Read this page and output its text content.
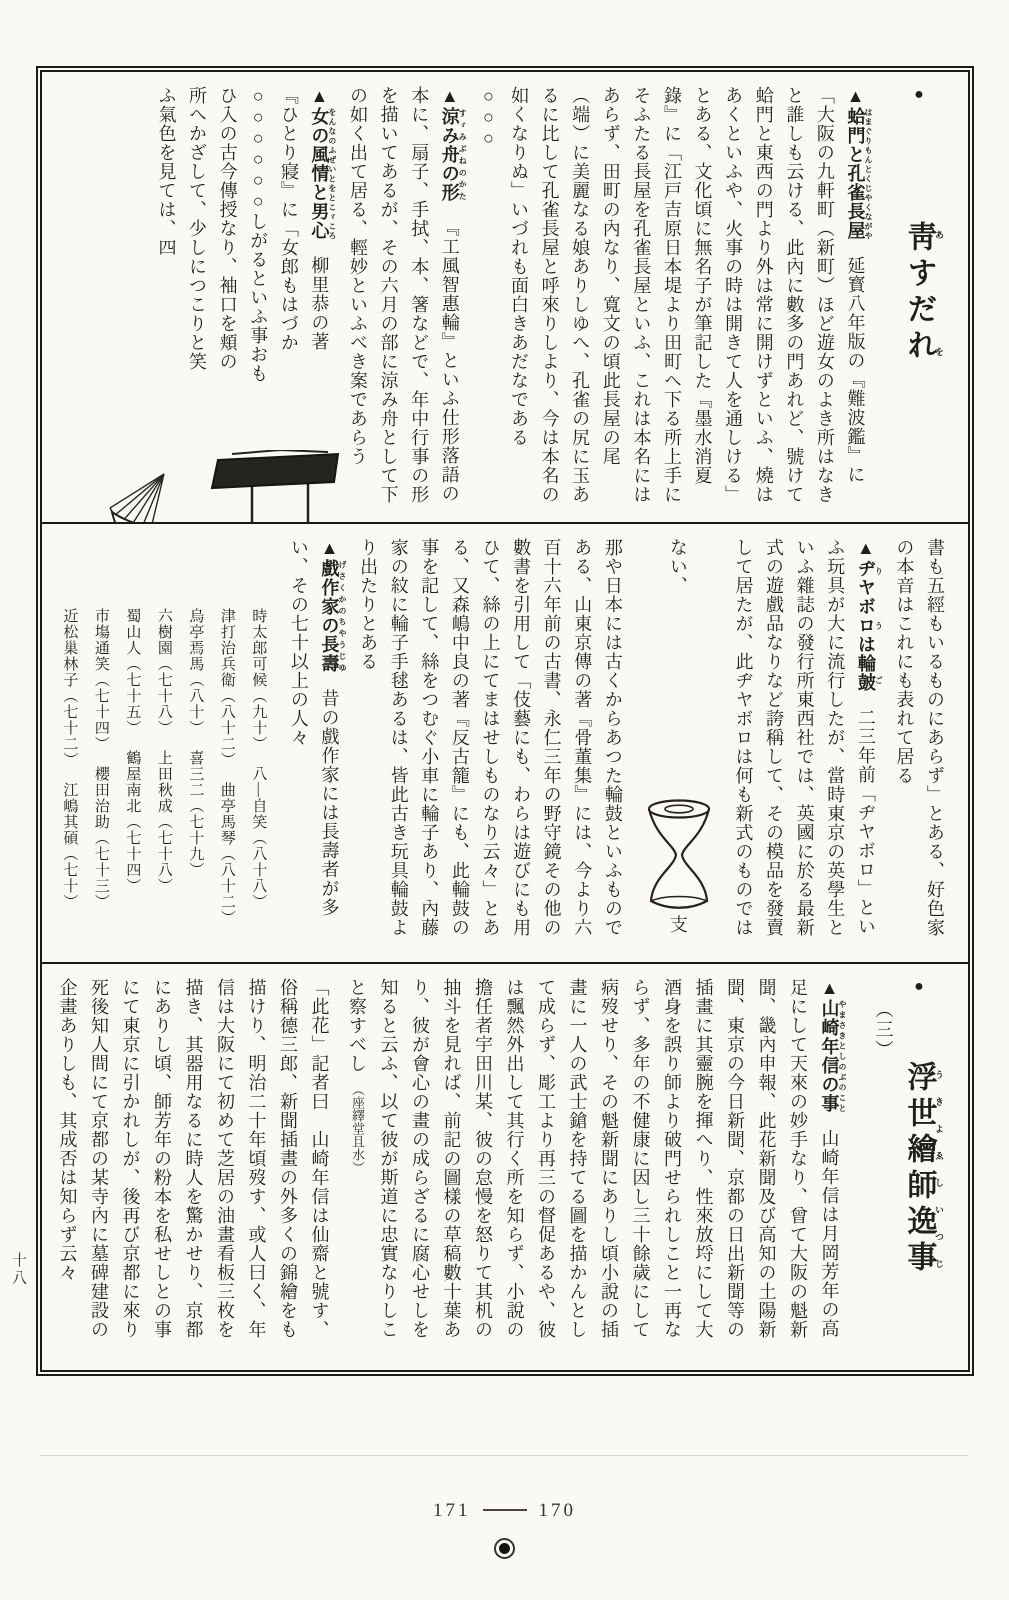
●靑すだれあを
▲蛤門と孔雀長屋はまぐりもんとくじやくながや延寳八年版の『難波鑑』に「大阪の九軒町（新町）ほど遊女のよき所はなきと誰しも云ける、此內に數多の門あれど、號けて蛤門と東西の門より外は常に開けずといふ、燒はあくといふや、火事の時は開きて人を通しける」とある、文化頃に無名子が筆記した『墨水消夏錄』に「江戸吉原日本堤より田町へ下る所上手にそふたる長屋を孔雀長屋といふ、これは本名にはあらず、田町の內なり、寬文の頃此長屋の尾（端）に美麗なる娘ありしゆへ、孔雀の尻に玉あるに比して孔雀長屋と呼來りしより、今は本名の如くなりぬ」いづれも面白きあだなである○○○
▲涼み舟の形すゞみぶねのかた『工風智惠輪』といふ仕形落語の本に、扇子、手拭、本、箸などで、年中行事の形を描いてあるが、その六月の部に涼み舟として下の如く出て居る、輕妙といふべき案であらう
▲女の風情と男心をんなのふぜいとをとこゞころ柳里恭の著『ひとり寢』に「女郎もはづか○○○○○○しがるといふ事おもひ入の古今傳授なり、袖口を頬の所へかざして、少しにつこりと笑ふ氣色を見ては、四
書も五經もいるものにあらず」とある、好色家の本音はこれにも表れて居る
▲ヂヤボロは輪皷りうご二三年前「ヂヤボロ」といふ玩具が大に流行したが、當時東京の英學生といふ雜誌の發行所東西社では、英國に於る最新式の遊戲品なりなど誇稱して、その模品を發賣して居たが、此ヂヤボロは何も新式のものではない、支那や日本には古くからあつた輪鼓といふものである、山東京傳の著『骨董集』には、今より六百十六年前の古書、永仁三年の野守鏡その他の數書を引用して「伎藝にも、わらは遊びにも用ひて、絲の上にてまはせしものなり云々」とある、又森嶋中良の著『反古籠』にも、此輪鼓の事を記して、絲をつむぐ小車に輪子あり、內藤家の紋に輪子手毬あるは、皆此古き玩具輪鼓より出たりとある
▲戲作家の長壽げさくかのちやうじゆ昔の戲作家には長壽者が多い、その七十以上の人々
時太郎可候（九十）八―自笑（八十八）
津打治兵衛（八十二）曲亭馬琴（八十二）
烏亭焉馬（八十）喜三二（七十九）
六樹園（七十八）上田秋成（七十八）
蜀山人（七十五）鶴屋南北（七十四）
市塲通笑（七十四）櫻田治助（七十三）
近松巢林子（七十二）江嶋其碩（七十）
●浮世繪師逸事うきよゑしいつじ（三）
▲山崎年信の事やまさきとしのぶのこと山崎年信は月岡芳年の高足にして天來の妙手なり、曾て大阪の魁新聞、畿內申報、此花新聞及び高知の土陽新聞、東京の今日新聞、京都の日出新聞等の插畫に其靈腕を揮へり、性來放埒にして大酒身を誤り師より破門せられしこと一再ならず、多年の不健康に因し三十餘歲にして病歿せり、その魁新聞にありし頃小說の插畫に一人の武士鎗を持てる圖を描かんとして成らず、彫工より再三の督促あるや、彼は飄然外出して其行く所を知らず、小說の擔任者宇田川某、彼の怠慢を怒りて其机の抽斗を見れば、前記の圖樣の草稿數十葉あり、彼が會心の畫の成らざるに腐心せしを知ると云ふ、以て彼が斯道に忠實なりしこと察すべし（座繹堂且水）
「此花」記者曰　山崎年信は仙齋と號す、俗稱德三郎、新聞插畫の外多くの錦繪をも描けり、明治二十年頃歿す、或人曰く、年信は大阪にて初めて芝居の油畫看板三枚を描き、其器用なるに時人を驚かせり、京都にありし頃、師芳年の粉本を私せしとの事にて東京に引かれしが、後再び京都に來り死後知人間にて京都の某寺內に墓碑建設の企畫ありしも、其成否は知らず云々
十八
171	170
